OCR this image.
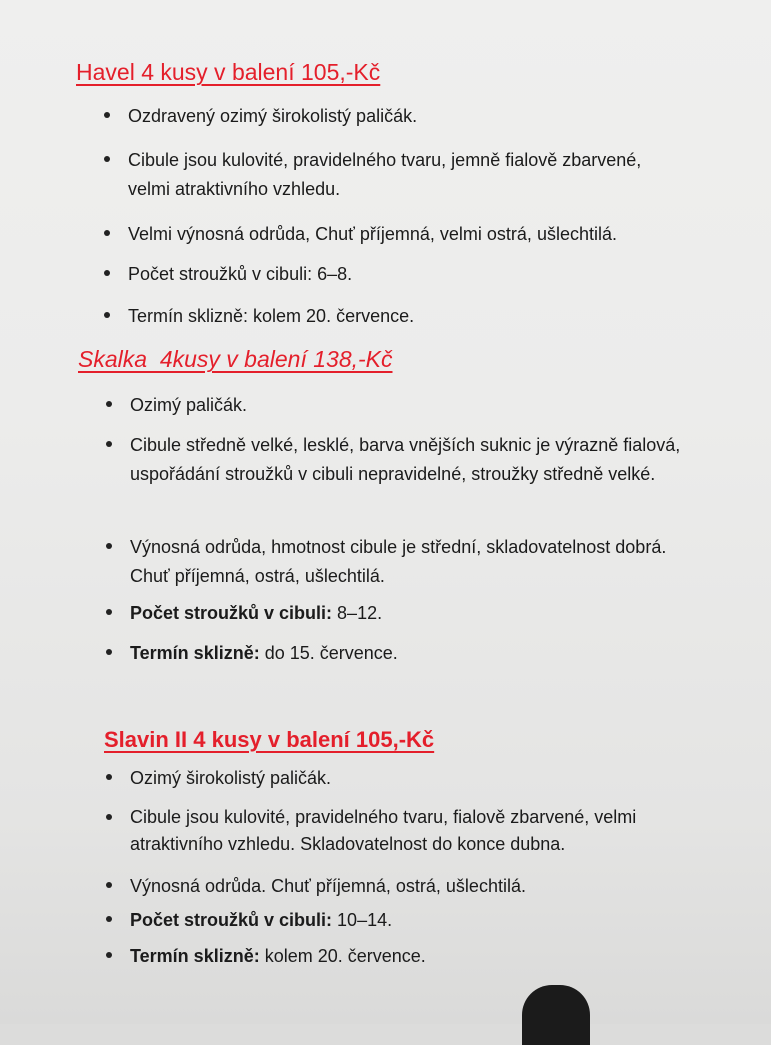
Havel 4 kusy v balení 105,-Kč
Ozdravený ozimý širokolistý paličák.
Cibule jsou kulovité, pravidelného tvaru, jemně fialově zbarvené, velmi atraktivního vzhledu.
Velmi výnosná odrůda, Chuť příjemná, velmi ostrá, ušlechtilá.
Počet stroužků v cibuli: 6–8.
Termín sklizně: kolem 20. července.
Skalka  4kusy v balení 138,-Kč
Ozimý paličák.
Cibule středně velké, lesklé, barva vnějších suknic je výrazně fialová, uspořádání stroužků v cibuli nepravidelné, stroužky středně velké.
Výnosná odrůda, hmotnost cibule je střední, skladovatelnost dobrá. Chuť příjemná, ostrá, ušlechtilá.
Počet stroužků v cibuli: 8–12.
Termín sklizně: do 15. července.
Slavin II 4 kusy v balení 105,-Kč
Ozimý širokolistý paličák.
Cibule jsou kulovité, pravidelného tvaru, fialově zbarvené, velmi atraktivního vzhledu. Skladovatelnost do konce dubna.
Výnosná odrůda. Chuť příjemná, ostrá, ušlechtilá.
Počet stroužků v cibuli: 10–14.
Termín sklizně: kolem 20. července.
